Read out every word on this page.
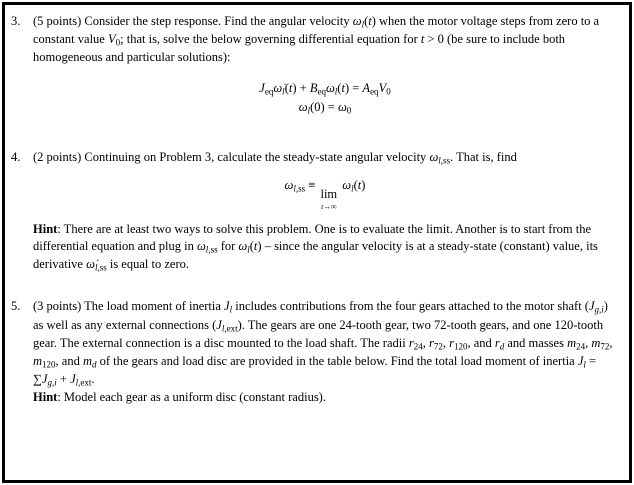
3.	(5 points) Consider the step response. Find the angular velocity $\omega_l(t)$ when the motor voltage steps from zero to a constant value $V_0$; that is, solve the below governing differential equation for t > 0 (be sure to include both homogeneous and particular solutions):

$J_{eq}\omegȧ_l(t) + B_{eq}\omega_l(t) = A_{eq}V_0$
$\omega_l(0) = \omega_0$
4.	(2 points) Continuing on Problem 3, calculate the steady-state angular velocity $\omega_{l,ss}$. That is, find

$\omega_{l,ss}$ ≡
lim
t→∞
$\omega_l(t)$

Hint: There are at least two ways to solve this problem. One is to evaluate the limit. Another is to start from the differential equation and plug in $\omega_{l,ss}$ for $\omega_l(t)$ – since the angular velocity is at a steady-state (constant) value, its derivative $\omegȧ_{l,ss}$ is equal to zero.

5.	(3 points) The load moment of inertia $J_l$ includes contributions from the four gears attached to the motor shaft $(J_{g,i})$ as well as any external connections $(J_{l,ext})$. The gears are one 24-tooth gear, two 72-tooth gears, and one 120-tooth gear. The external connection is a disc mounted to the load shaft. The radii $r_{24}$, $r_{72}$, $r_{120}$, and $r_d$ and masses $m_{24}$, $m_{72}$, $m_{120}$, and $m_d$ of the gears and load disc are provided in the table below. Find the total load moment of inertia $J_l = \sum J_{g,i} + J_{l,ext}$.

Hint: Model each gear as a uniform disc (constant radius).
